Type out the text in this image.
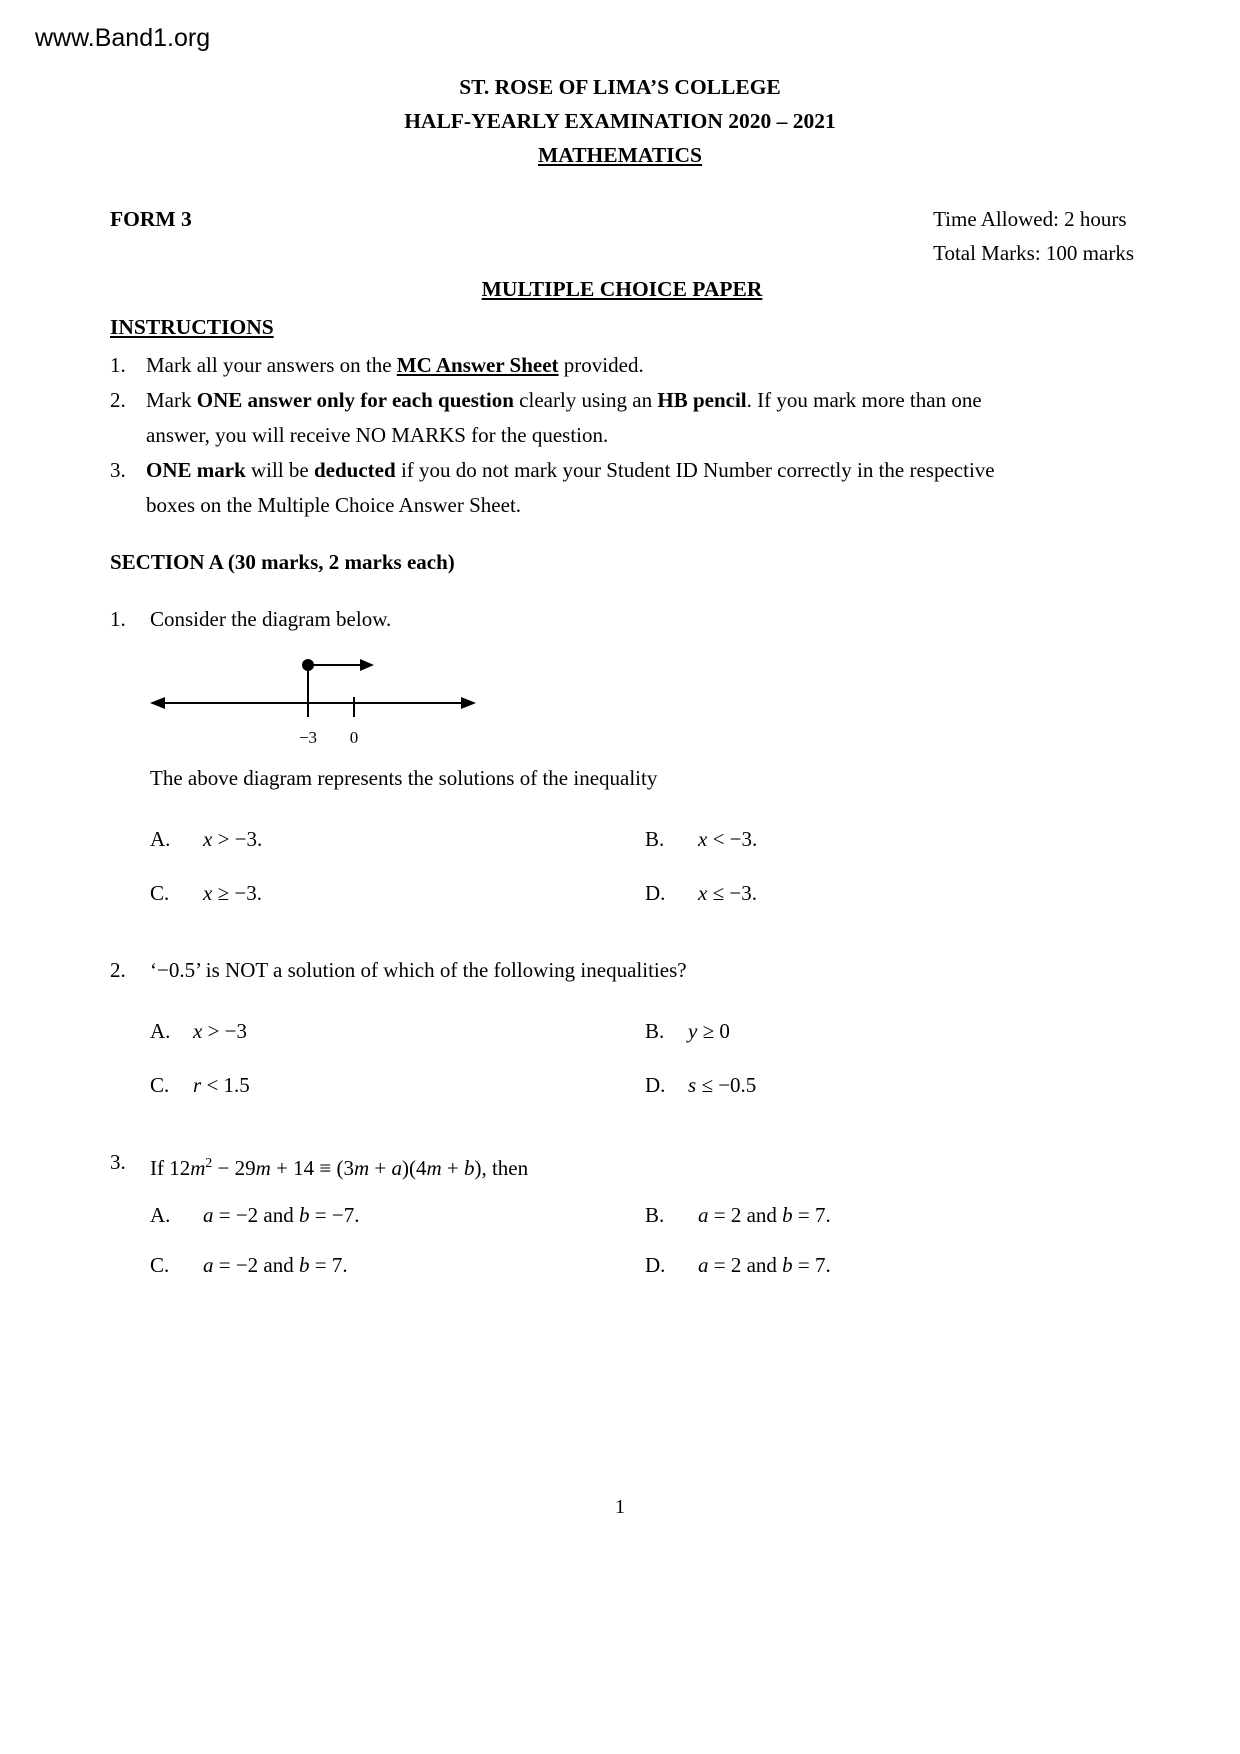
www.Band1.org
ST. ROSE OF LIMA’S COLLEGE
HALF-YEARLY EXAMINATION 2020 – 2021
MATHEMATICS
FORM 3	Time Allowed: 2 hours
Total Marks: 100 marks
MULTIPLE CHOICE PAPER
INSTRUCTIONS
1. Mark all your answers on the MC Answer Sheet provided.
2. Mark ONE answer only for each question clearly using an HB pencil. If you mark more than one answer, you will receive NO MARKS for the question.
3. ONE mark will be deducted if you do not mark your Student ID Number correctly in the respective boxes on the Multiple Choice Answer Sheet.
SECTION A (30 marks, 2 marks each)
1.	Consider the diagram below.
−3 0
The above diagram represents the solutions of the inequality
A.	x > −3.	B.	x < −3.
C.	x ≥ −3.	D.	x ≤ −3.
2.	‘−0.5’ is NOT a solution of which of the following inequalities?
A.	x > −3	B.	y ≥ 0
C.	r < 1.5	D.	s ≤ −0.5
3.	If $12m^2 - 29m + 14 \equiv (3m + a)(4m + b)$, then
A.	a = −2 and b = −7.	B.	a = 2 and b = 7.
C.	a = −2 and b = 7.	D.	a = 2 and b = 7.
1
